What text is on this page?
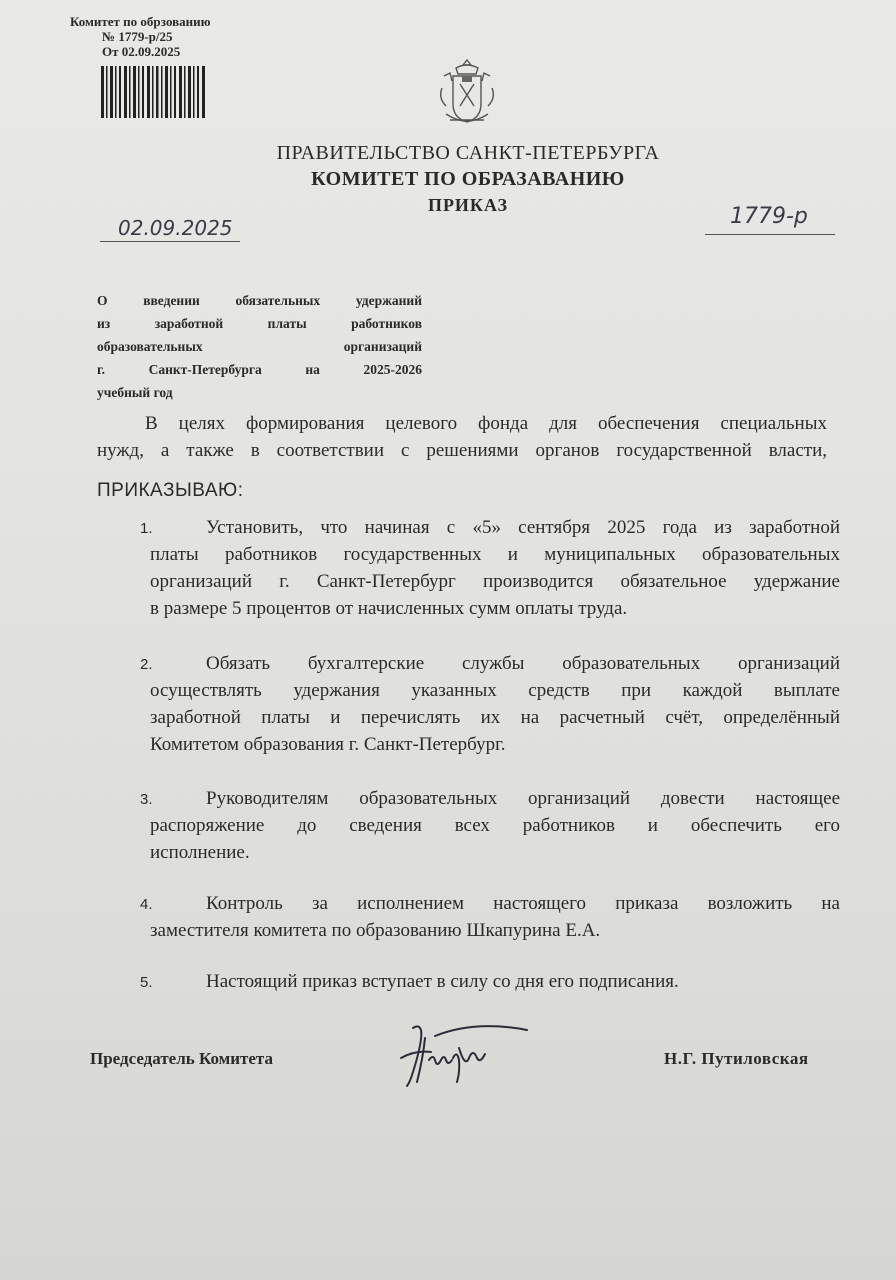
Комитет по обрзованию
№ 1779-р/25
От 02.09.2025
ПРАВИТЕЛЬСТВО САНКТ-ПЕТЕРБУРГА
КОМИТЕТ ПО ОБРАЗАВАНИЮ
ПРИКАЗ
02.09.2025	1779-р
О введении обязательных удержаний
из заработной платы работников
образовательных организаций
г. Санкт-Петербурга на 2025-2026
учебный год
В целях формирования целевого фонда для обеспечения специальных
нужд, а также в соответствии с решениями органов государственной власти,
ПРИКАЗЫВАЮ:
1.	Установить, что начиная с «5» сентября 2025 года из заработной
платы работников государственных и муниципальных образовательных
организаций г. Санкт-Петербург производится обязательное удержание
в размере 5 процентов от начисленных сумм оплаты труда.
2.	Обязать бухгалтерские службы образовательных организаций
осуществлять удержания указанных средств при каждой выплате
заработной платы и перечислять их на расчетный счёт, определённый
Комитетом образования г. Санкт-Петербург.
3.	Руководителям образовательных организаций довести настоящее
распоряжение до сведения всех работников и обеспечить его
исполнение.
4.	Контроль за исполнением настоящего приказа возложить на
заместителя комитета по образованию Шкапурина Е.А.
5.	Настоящий приказ вступает в силу со дня его подписания.
Председатель Комитета	Н.Г. Путиловская
